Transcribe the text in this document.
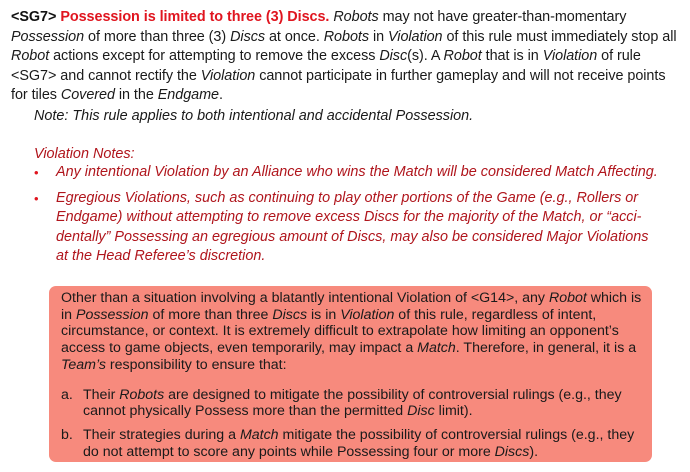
<SG7> Possession is limited to three (3) Discs. Robots may not have greater-than-momentary Possession of more than three (3) Discs at once. Robots in Violation of this rule must immediately stop all Robot actions except for attempting to remove the excess Disc(s). A Robot that is in Violation of rule <SG7> and cannot rectify the Violation cannot participate in further gameplay and will not receive points for tiles Covered in the Endgame.

Note: This rule applies to both intentional and accidental Possession.

Violation Notes:
• Any intentional Violation by an Alliance who wins the Match will be considered Match Affecting.
• Egregious Violations, such as continuing to play other portions of the Game (e.g., Rollers or Endgame) without attempting to remove excess Discs for the majority of the Match, or “acci-dentally” Possessing an egregious amount of Discs, may also be considered Major Violations at the Head Referee’s discretion.

Other than a situation involving a blatantly intentional Violation of <G14>, any Robot which is in Possession of more than three Discs is in Violation of this rule, regardless of intent, circumstance, or context. It is extremely difficult to extrapolate how limiting an opponent’s access to game objects, even temporarily, may impact a Match. Therefore, in general, it is a Team’s responsibility to ensure that:

a. Their Robots are designed to mitigate the possibility of controversial rulings (e.g., they cannot physically Possess more than the permitted Disc limit).
b. Their strategies during a Match mitigate the possibility of controversial rulings (e.g., they do not attempt to score any points while Possessing four or more Discs).
